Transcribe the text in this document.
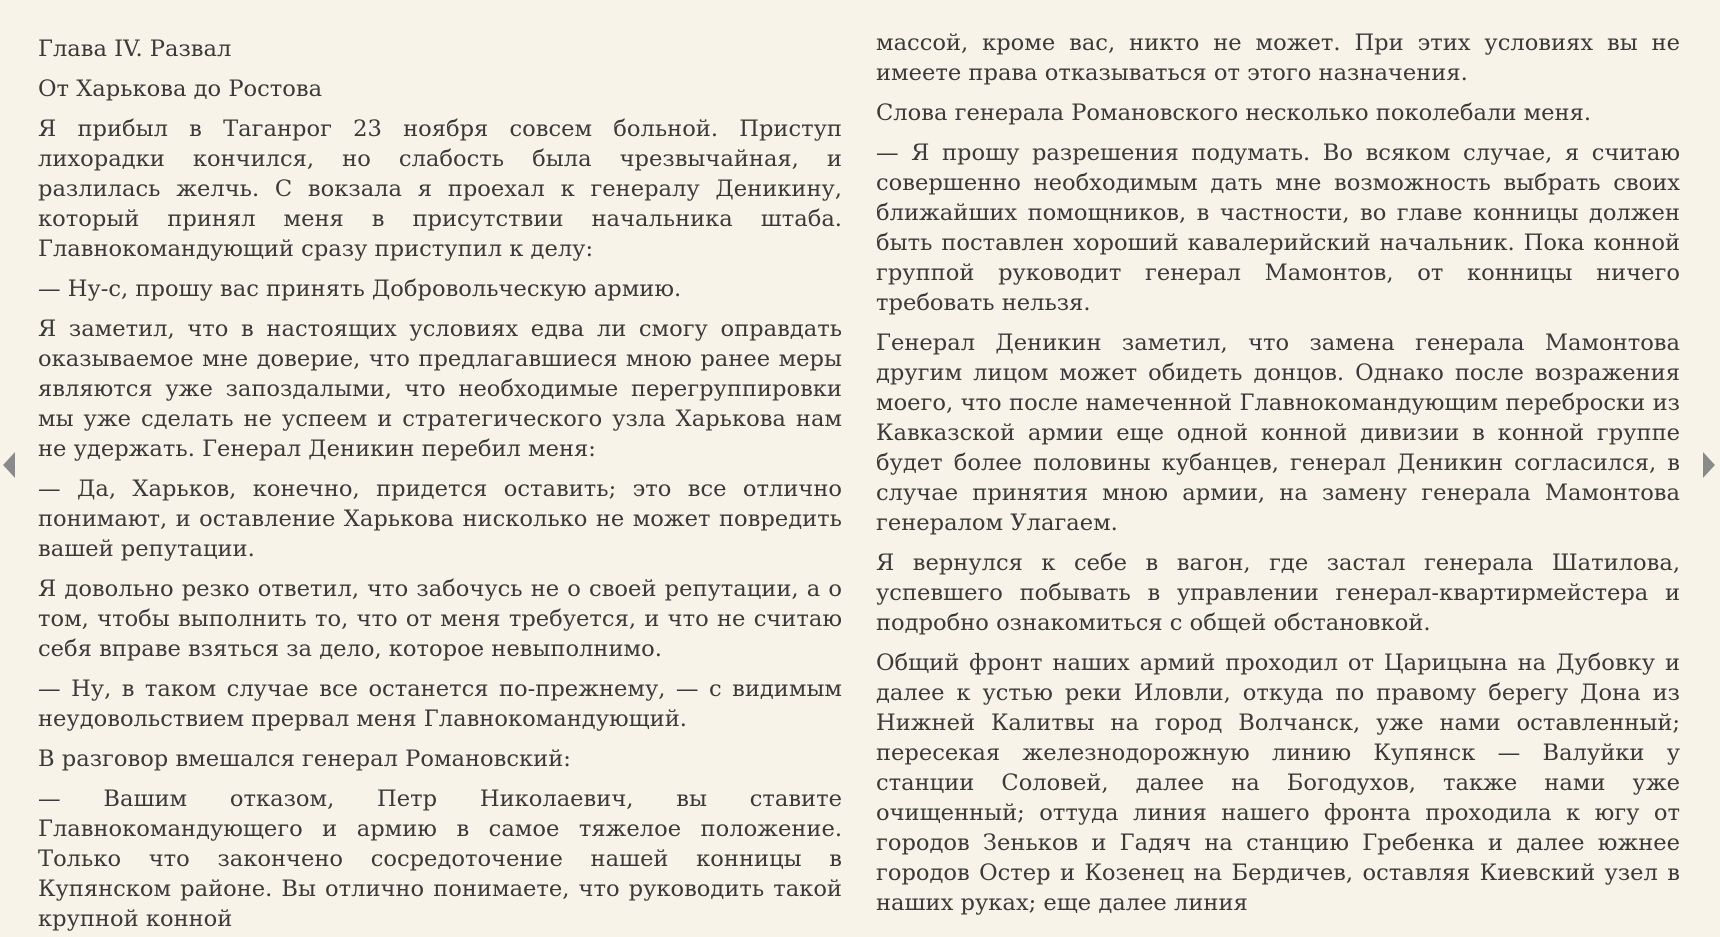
Глава IV. Развал
От Харькова до Ростова

Я прибыл в Таганрог 23 ноября совсем больной. Приступ лихорадки кончился, но слабость была чрезвычайная, и разлилась желчь. С вокзала я проехал к генералу Деникину, который принял меня в присутствии начальника штаба. Главнокомандующий сразу приступил к делу:

— Ну-с, прошу вас принять Добровольческую армию.

Я заметил, что в настоящих условиях едва ли смогу оправдать оказываемое мне доверие, что предлагавшиеся мною ранее меры являются уже запоздалыми, что необходимые перегруппировки мы уже сделать не успеем и стратегического узла Харькова нам не удержать. Генерал Деникин перебил меня:

— Да, Харьков, конечно, придется оставить; это все отлично понимают, и оставление Харькова нисколько не может повредить вашей репутации.

Я довольно резко ответил, что забочусь не о своей репутации, а о том, чтобы выполнить то, что от меня требуется, и что не считаю себя вправе взяться за дело, которое невыполнимо.

— Ну, в таком случае все останется по-прежнему, — с видимым неудовольствием прервал меня Главнокомандующий.

В разговор вмешался генерал Романовский:

— Вашим отказом, Петр Николаевич, вы ставите Главнокомандующего и армию в самое тяжелое положение. Только что закончено сосредоточение нашей конницы в Купянском районе. Вы отлично понимаете, что руководить такой крупной конной

массой, кроме вас, никто не может. При этих условиях вы не имеете права отказываться от этого назначения.

Слова генерала Романовского несколько поколебали меня.

— Я прошу разрешения подумать. Во всяком случае, я считаю совершенно необходимым дать мне возможность выбрать своих ближайших помощников, в частности, во главе конницы должен быть поставлен хороший кавалерийский начальник. Пока конной группой руководит генерал Мамонтов, от конницы ничего требовать нельзя.

Генерал Деникин заметил, что замена генерала Мамонтова другим лицом может обидеть донцов. Однако после возражения моего, что после намеченной Главнокомандующим переброски из Кавказской армии еще одной конной дивизии в конной группе будет более половины кубанцев, генерал Деникин согласился, в случае принятия мною армии, на замену генерала Мамонтова генералом Улагаем.

Я вернулся к себе в вагон, где застал генерала Шатилова, успевшего побывать в управлении генерал-квартирмейстера и подробно ознакомиться с общей обстановкой.

Общий фронт наших армий проходил от Царицына на Дубовку и далее к устью реки Иловли, откуда по правому берегу Дона из Нижней Калитвы на город Волчанск, уже нами оставленный; пересекая железнодорожную линию Купянск — Валуйки у станции Соловей, далее на Богодухов, также нами уже очищенный; оттуда линия нашего фронта проходила к югу от городов Зеньков и Гадяч на станцию Гребенка и далее южнее городов Остер и Козенец на Бердичев, оставляя Киевский узел в наших руках; еще далее линия
